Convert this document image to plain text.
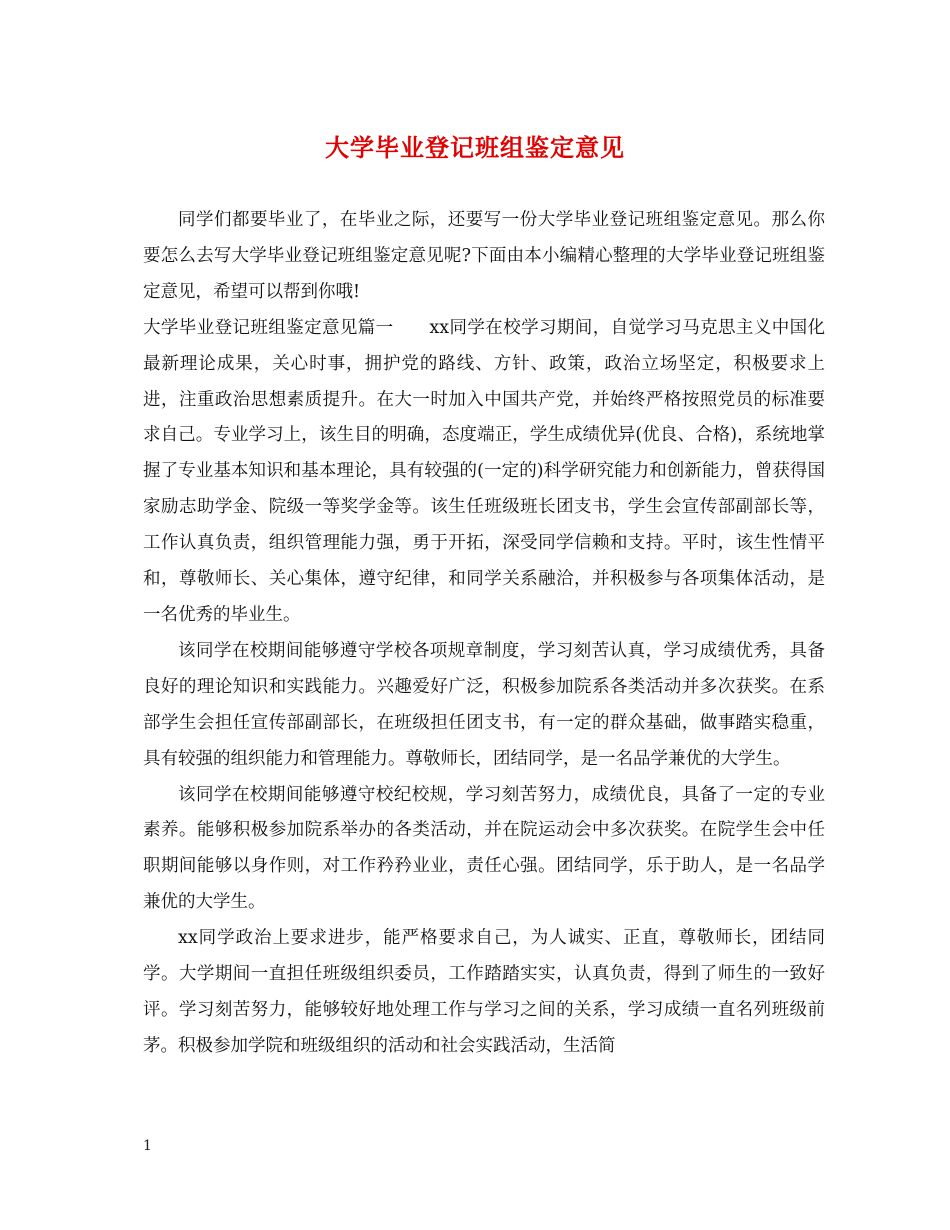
大学毕业登记班组鉴定意见

同学们都要毕业了，在毕业之际，还要写一份大学毕业登记班组鉴定意见。那么你要怎么去写大学毕业登记班组鉴定意见呢?下面由本小编精心整理的大学毕业登记班组鉴定意见，希望可以帮到你哦!

大学毕业登记班组鉴定意见篇一　　xx同学在校学习期间，自觉学习马克思主义中国化最新理论成果，关心时事，拥护党的路线、方针、政策，政治立场坚定，积极要求上进，注重政治思想素质提升。在大一时加入中国共产党，并始终严格按照党员的标准要求自己。专业学习上，该生目的明确，态度端正，学生成绩优异(优良、合格)，系统地掌握了专业基本知识和基本理论，具有较强的(一定的)科学研究能力和创新能力，曾获得国家励志助学金、院级一等奖学金等。该生任班级班长团支书，学生会宣传部副部长等，工作认真负责，组织管理能力强，勇于开拓，深受同学信赖和支持。平时，该生性情平和，尊敬师长、关心集体，遵守纪律，和同学关系融洽，并积极参与各项集体活动，是一名优秀的毕业生。

该同学在校期间能够遵守学校各项规章制度，学习刻苦认真，学习成绩优秀，具备良好的理论知识和实践能力。兴趣爱好广泛，积极参加院系各类活动并多次获奖。在系部学生会担任宣传部副部长，在班级担任团支书，有一定的群众基础，做事踏实稳重，具有较强的组织能力和管理能力。尊敬师长，团结同学，是一名品学兼优的大学生。

该同学在校期间能够遵守校纪校规，学习刻苦努力，成绩优良，具备了一定的专业素养。能够积极参加院系举办的各类活动，并在院运动会中多次获奖。在院学生会中任职期间能够以身作则，对工作矜矜业业，责任心强。团结同学，乐于助人，是一名品学兼优的大学生。

xx同学政治上要求进步，能严格要求自己，为人诚实、正直，尊敬师长，团结同学。大学期间一直担任班级组织委员，工作踏踏实实，认真负责，得到了师生的一致好评。学习刻苦努力，能够较好地处理工作与学习之间的关系，学习成绩一直名列班级前茅。积极参加学院和班级组织的活动和社会实践活动，生活简

1
